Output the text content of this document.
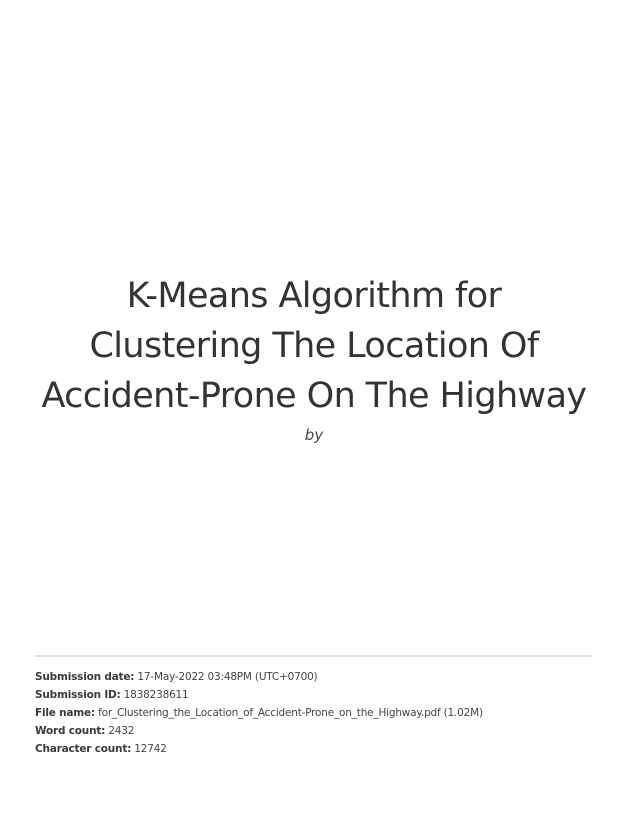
K-Means Algorithm for Clustering The Location Of Accident-Prone On The Highway
by
Submission date: 17-May-2022 03:48PM (UTC+0700)
Submission ID: 1838238611
File name: for_Clustering_the_Location_of_Accident-Prone_on_the_Highway.pdf (1.02M)
Word count: 2432
Character count: 12742
